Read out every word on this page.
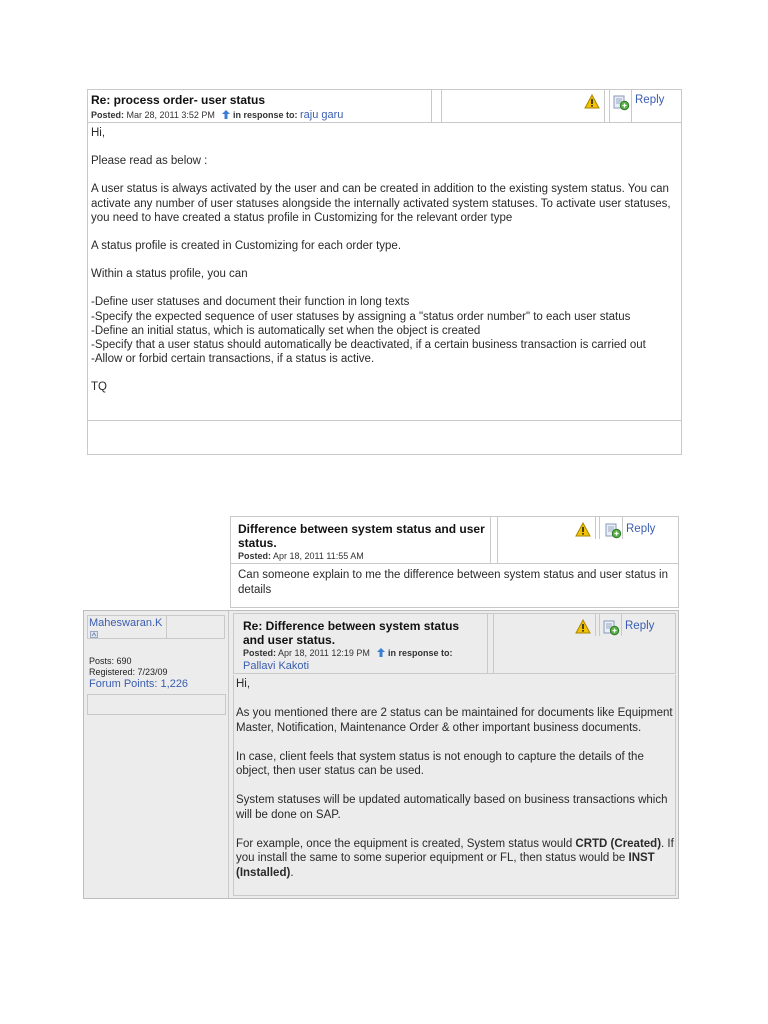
Re: process order- user status
Posted: Mar 28, 2011 3:52 PM in response to: raju garu
Reply

Hi,

Please read as below :

A user status is always activated by the user and can be created in addition to the existing system status. You can activate any number of user statuses alongside the internally activated system statuses. To activate user statuses, you need to have created a status profile in Customizing for the relevant order type

A status profile is created in Customizing for each order type.

Within a status profile, you can

-Define user statuses and document their function in long texts
-Specify the expected sequence of user statuses by assigning a "status order number" to each user status
-Define an initial status, which is automatically set when the object is created
-Specify that a user status should automatically be deactivated, if a certain business transaction is carried out
-Allow or forbid certain transactions, if a status is active.

TQ

Difference between system status and user status.
Posted: Apr 18, 2011 11:55 AM
Reply
Can someone explain to me the difference between system status and user status in details
Maheswaran.K
Posts: 690
Registered: 7/23/09
Forum Points: 1,226
Re: Difference between system status and user status.
Posted: Apr 18, 2011 12:19 PM in response to:
Pallavi Kakoti
Reply

Hi,

As you mentioned there are 2 status can be maintained for documents like Equipment Master, Notification, Maintenance Order & other important business documents.

In case, client feels that system status is not enough to capture the details of the object, then user status can be used.

System statuses will be updated automatically based on business transactions which will be done on SAP.

For example, once the equipment is created, System status would CRTD (Created). If you install the same to some superior equipment or FL, then status would be INST (Installed).
